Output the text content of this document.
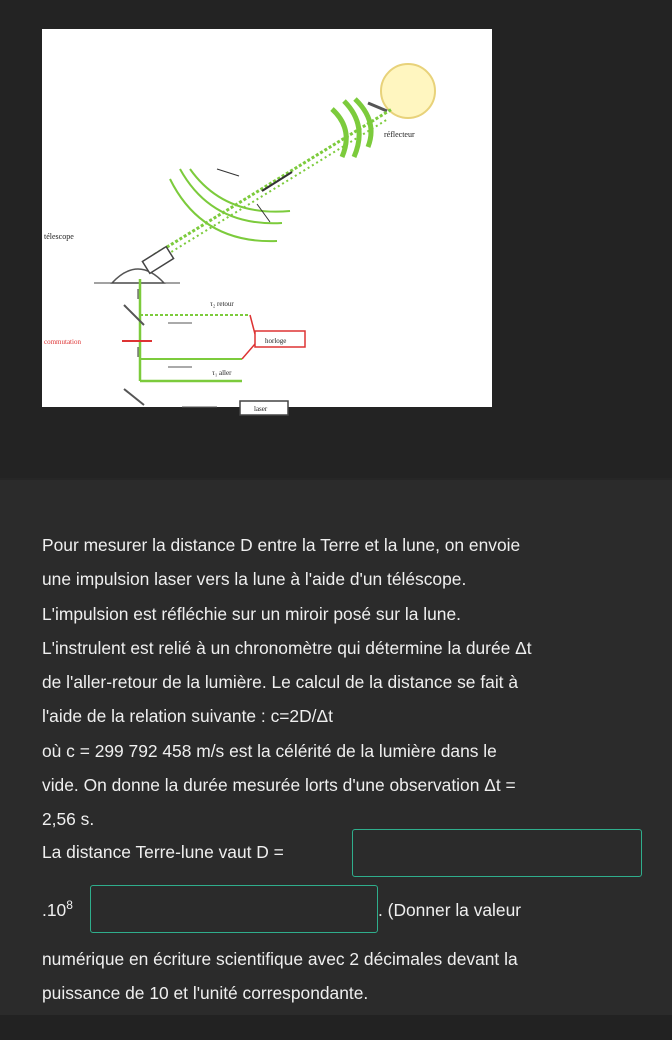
réflecteur
télescope
τ₂ retour
commutation	horloge
τ₁ aller
laser

Pour mesurer la distance D entre la Terre et la lune, on envoie
une impulsion laser vers la lune à l'aide d'un téléscope.
L'impulsion est réfléchie sur un miroir posé sur la lune.
L'instrulent est relié à un chronomètre qui détermine la durée Δt
de l'aller-retour de la lumière. Le calcul de la distance se fait à
l'aide de la relation suivante : c=2D/Δt
où c = 299 792 458 m/s est la célérité de la lumière dans le
vide. On donne la durée mesurée lorts d'une observation Δt =
2,56 s.

La distance Terre-lune vaut D =
$.10^8$	. (Donner la valeur
numérique en écriture scientifique avec 2 décimales devant la
puissance de 10 et l'unité correspondante.
